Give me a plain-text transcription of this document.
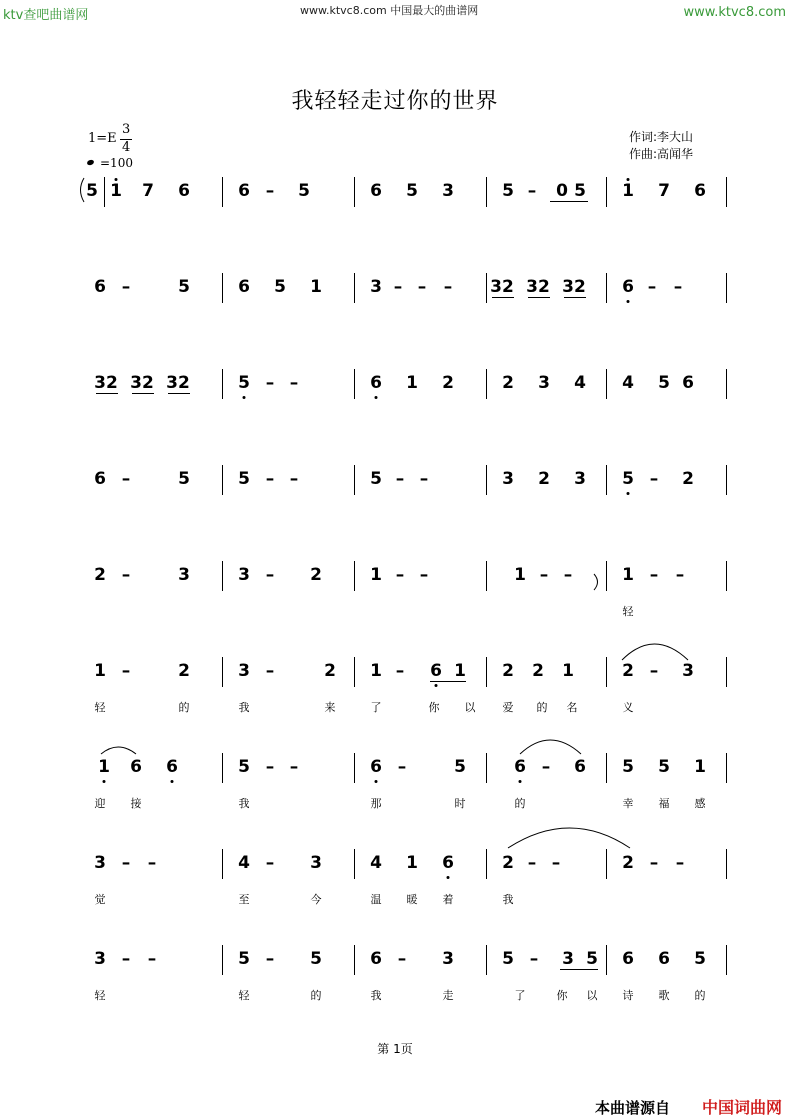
ktv查吧曲谱网	www.ktvc8.com 中国最大的曲谱网	www.ktvc8.com
我轻轻走过你的世界
1=E
3
4
=100
作词:李大山
作曲:高闻华
5 1 7 6	6 – 5	6 5 3	5 – 0 5 1 7 6
6 –	5	6 5 1	3 – – – 32 32 32 6 – –
32 32 32	5 – –	6 1 2	2 3 4 4 5 6
6 –	5	5 – –	5 – –	3 2 3 5 – 2
2 –	3	3 – 2	1 – –	1 – –	1 – –
轻
1 –	2	3 –	2 1 – 6 1 2 2 1	2 – 3
轻	的	我	来	了	你 以 爱 的 名	义
1 6 6	5 – –	6 –	5	6 – 6 5 5 1
迎 接	我	那	时	的	幸 福 感
3 – –	4 – 3	4 1 6	2 – –	2 – –
觉	至	今	温 暖 着	我
3 – –	5 – 5	6 – 3	5 – 3 5 6 6 5
轻	轻	的	我	走	了	你 以 诗 歌 的
第 1页
本曲谱源自 中国词曲网
